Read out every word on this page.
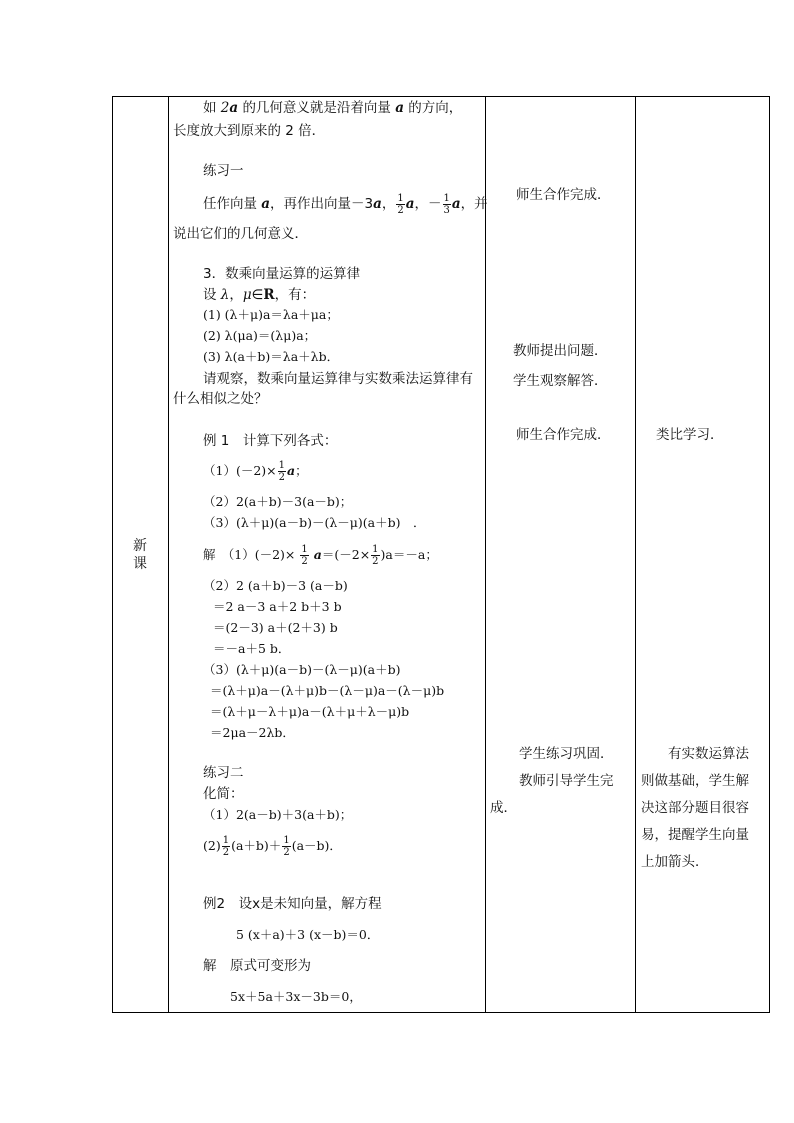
新课
如 2a 的几何意义就是沿着向量 a 的方向，
长度放大到原来的 2 倍．
练习一
任作向量 a，再作出向量－3a， $\frac{1}{2}$ a，－ $\frac{1}{3}$ a，并
说出它们的几何意义．
3．数乘向量运算的运算律
设 λ，μ∈R，有：
(1) (λ＋μ)a＝λa＋μa；
(2) λ(μa)＝(λμ)a；
(3) λ(a＋b)＝λa＋λb．
请观察，数乘向量运算律与实数乘法运算律有
什么相似之处？
例 1　计算下列各式：
$(1)(-2)\times \frac{1}{2}$ a；
（2）2(a＋b)－3(a－b)；
（3）(λ＋μ)(a－b)－(λ－μ)(a＋b)　．
解　$(1)(-2)\times \frac{1}{2} a=(-2\times \frac{1}{2} )a=-a$；
（2）2 (a＋b)－3 (a－b)
＝2 a－3 a＋2 b＋3 b
＝(2－3) a＋(2＋3) b
＝－a＋5 b．
（3）(λ＋μ)(a－b)－(λ－μ)(a＋b)
＝(λ＋μ)a－(λ＋μ)b－(λ－μ)a－(λ－μ)b
＝(λ＋μ－λ＋μ)a－(λ＋μ＋λ－μ)b
＝2μa－2λb．
练习二
化简：
（1）2(a－b)＋3(a＋b)；
$(2) \frac{1}{2} (a+b)+ \frac{1}{2} (a-b)$．
例2　设x是未知向量，解方程
5 (x＋a)＋3 (x－b)＝0．
解　原式可变形为
5x＋5a＋3x－3b＝0，
师生合作完成．
教师提出问题．
学生观察解答．
师生合作完成．
学生练习巩固．
教师引导学生完
成．
类比学习．
有实数运算法
则做基础，学生解
决这部分题目很容
易，提醒学生向量
上加箭头．
